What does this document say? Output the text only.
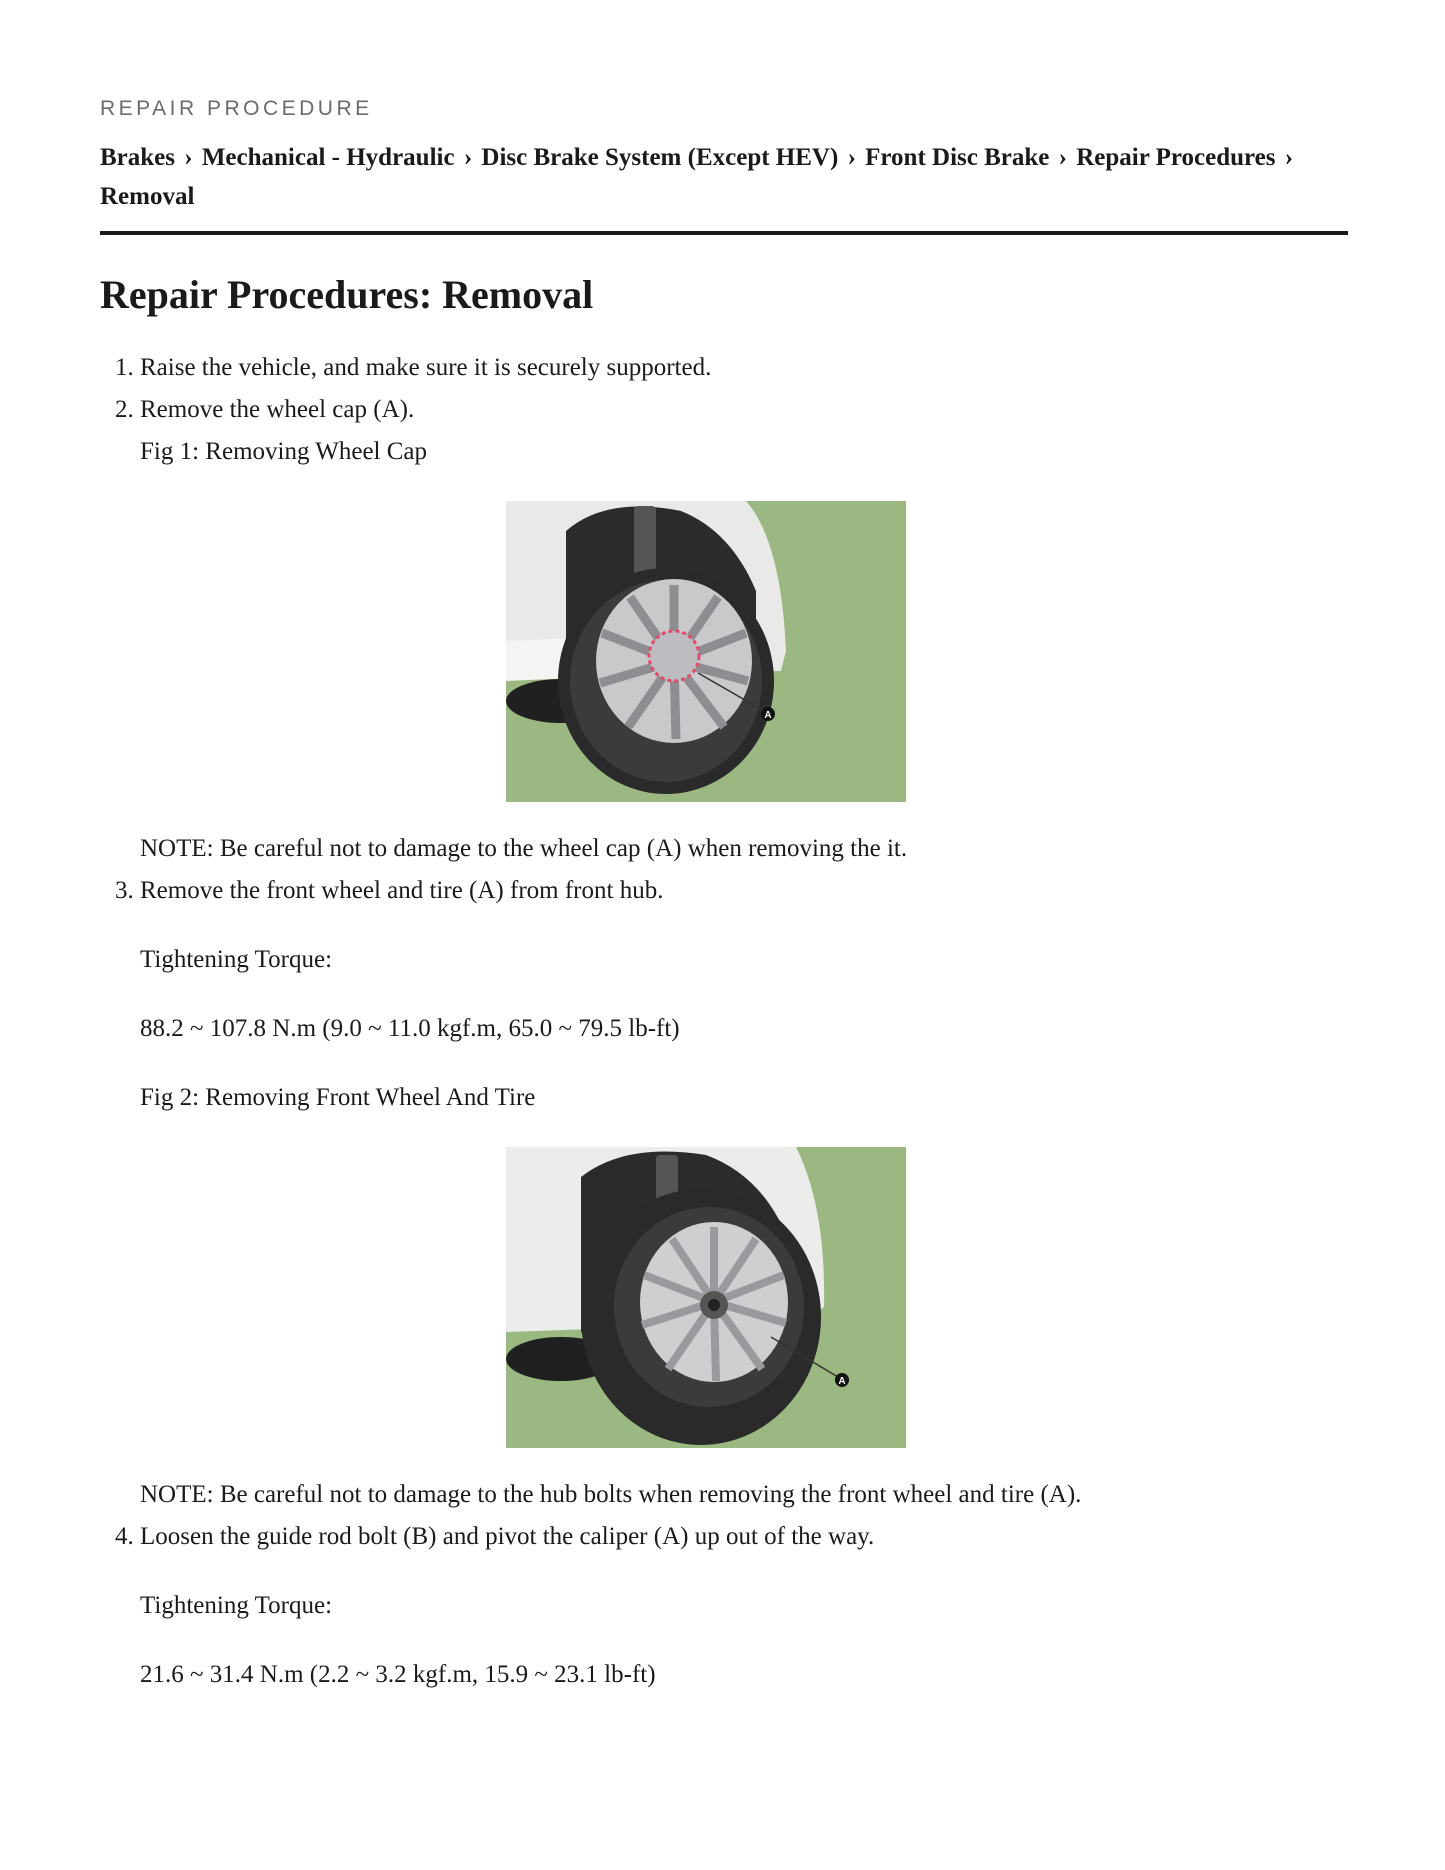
REPAIR PROCEDURE
Brakes › Mechanical - Hydraulic › Disc Brake System (Except HEV) › Front Disc Brake › Repair Procedures ›
Removal
Repair Procedures: Removal

1. Raise the vehicle, and make sure it is securely supported.

2. Remove the wheel cap (A).

Fig 1: Removing Wheel Cap

A

NOTE: Be careful not to damage to the wheel cap (A) when removing the it.

3. Remove the front wheel and tire (A) from front hub.

Tightening Torque:

88.2 ~ 107.8 N.m (9.0 ~ 11.0 kgf.m, 65.0 ~ 79.5 lb-ft)

Fig 2: Removing Front Wheel And Tire

A

NOTE: Be careful not to damage to the hub bolts when removing the front wheel and tire (A).

4. Loosen the guide rod bolt (B) and pivot the caliper (A) up out of the way.

Tightening Torque:

21.6 ~ 31.4 N.m (2.2 ~ 3.2 kgf.m, 15.9 ~ 23.1 lb-ft)
